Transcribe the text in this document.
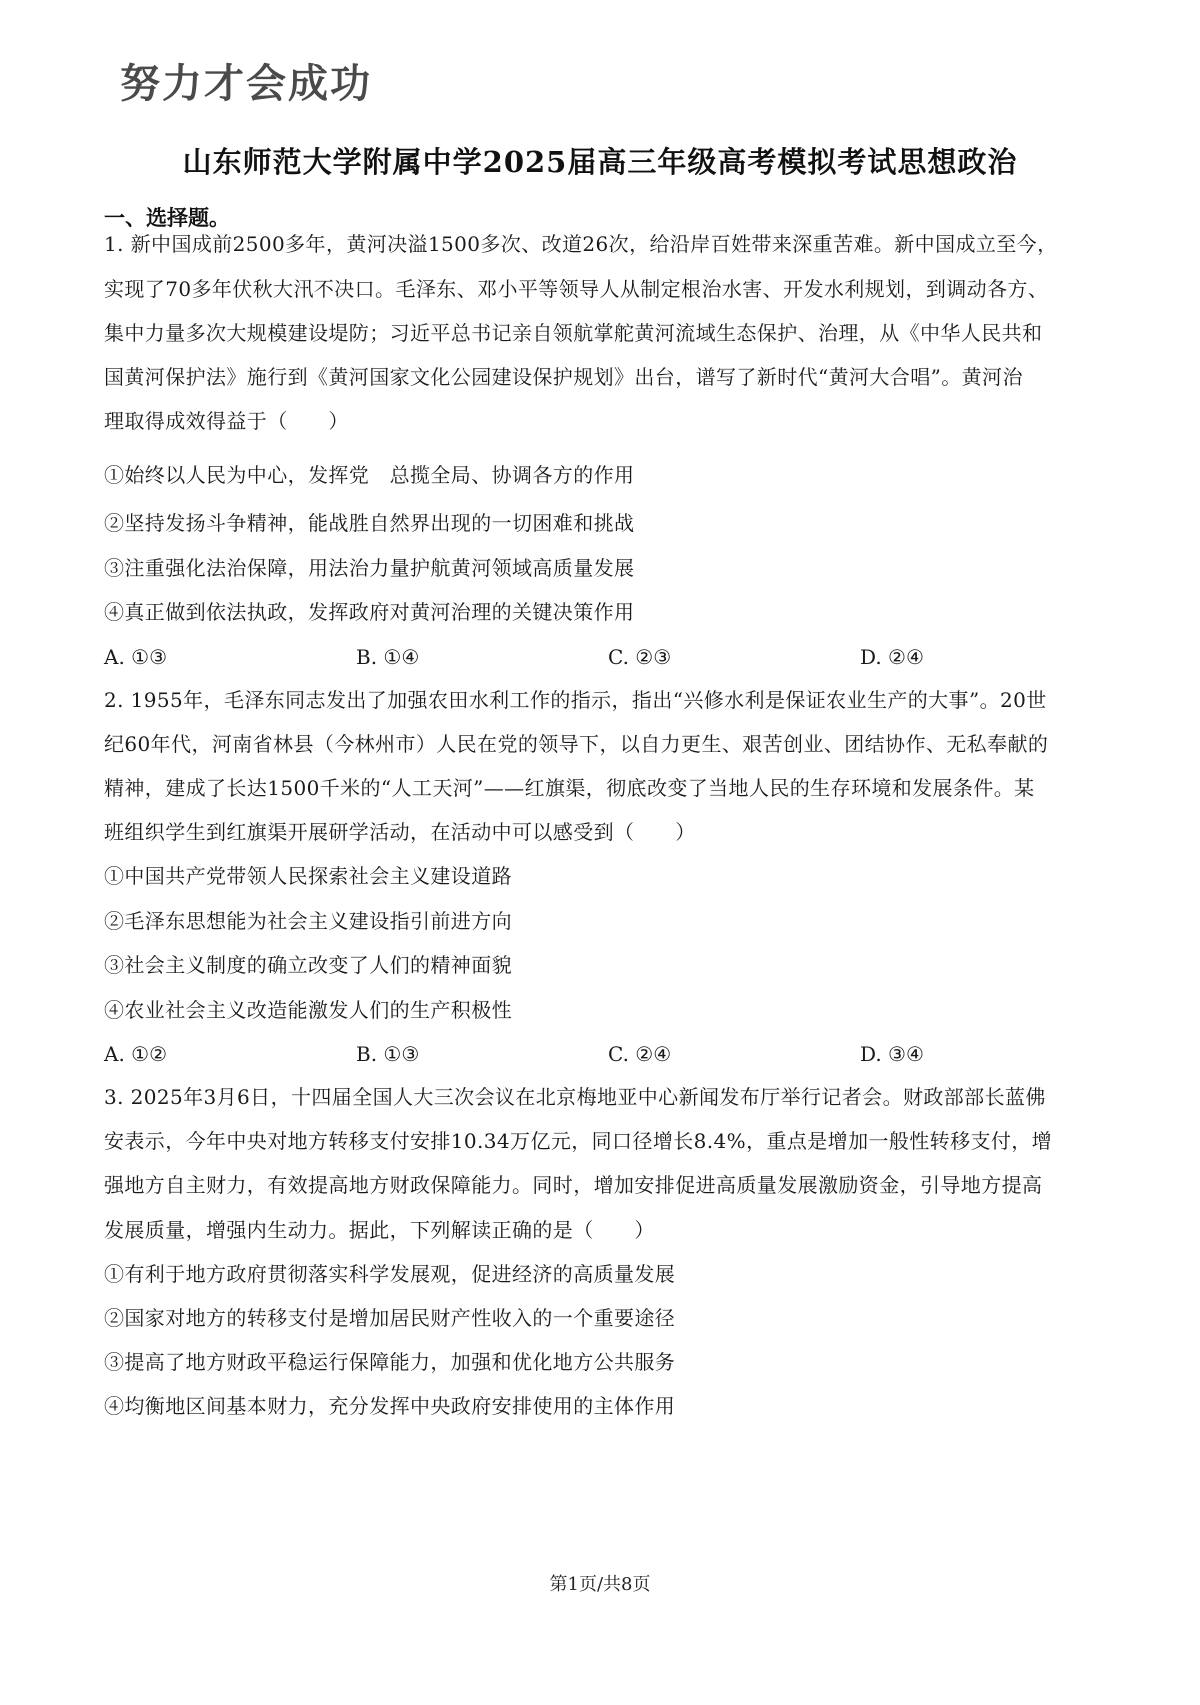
努力才会成功
山东师范大学附属中学2025届高三年级高考模拟考试思想政治
一、选择题。
1. 新中国成前2500多年，黄河决溢1500多次、改道26次，给沿岸百姓带来深重苦难。新中国成立至今，
实现了70多年伏秋大汛不决口。毛泽东、邓小平等领导人从制定根治水害、开发水利规划，到调动各方、
集中力量多次大规模建设堤防；习近平总书记亲自领航掌舵黄河流域生态保护、治理，从《中华人民共和
国黄河保护法》施行到《黄河国家文化公园建设保护规划》出台，谱写了新时代“黄河大合唱”。黄河治
理取得成效得益于（　　）
①始终以人民为中心，发挥党　总揽全局、协调各方的作用
②坚持发扬斗争精神，能战胜自然界出现的一切困难和挑战
③注重强化法治保障，用法治力量护航黄河领域高质量发展
④真正做到依法执政，发挥政府对黄河治理的关键决策作用
A. ①③	B. ①④	C. ②③	D. ②④
2. 1955年，毛泽东同志发出了加强农田水利工作的指示，指出“兴修水利是保证农业生产的大事”。20世
纪60年代，河南省林县（今林州市）人民在党的领导下，以自力更生、艰苦创业、团结协作、无私奉献的
精神，建成了长达1500千米的“人工天河”——红旗渠，彻底改变了当地人民的生存环境和发展条件。某
班组织学生到红旗渠开展研学活动，在活动中可以感受到（　　）
①中国共产党带领人民探索社会主义建设道路
②毛泽东思想能为社会主义建设指引前进方向
③社会主义制度的确立改变了人们的精神面貌
④农业社会主义改造能激发人们的生产积极性
A. ①②	B. ①③	C. ②④	D. ③④
3. 2025年3月6日，十四届全国人大三次会议在北京梅地亚中心新闻发布厅举行记者会。财政部部长蓝佛
安表示，今年中央对地方转移支付安排10.34万亿元，同口径增长8.4%，重点是增加一般性转移支付，增
强地方自主财力，有效提高地方财政保障能力。同时，增加安排促进高质量发展激励资金，引导地方提高
发展质量，增强内生动力。据此，下列解读正确的是（　　）
①有利于地方政府贯彻落实科学发展观，促进经济的高质量发展
②国家对地方的转移支付是增加居民财产性收入的一个重要途径
③提高了地方财政平稳运行保障能力，加强和优化地方公共服务
④均衡地区间基本财力，充分发挥中央政府安排使用的主体作用
第1页/共8页
